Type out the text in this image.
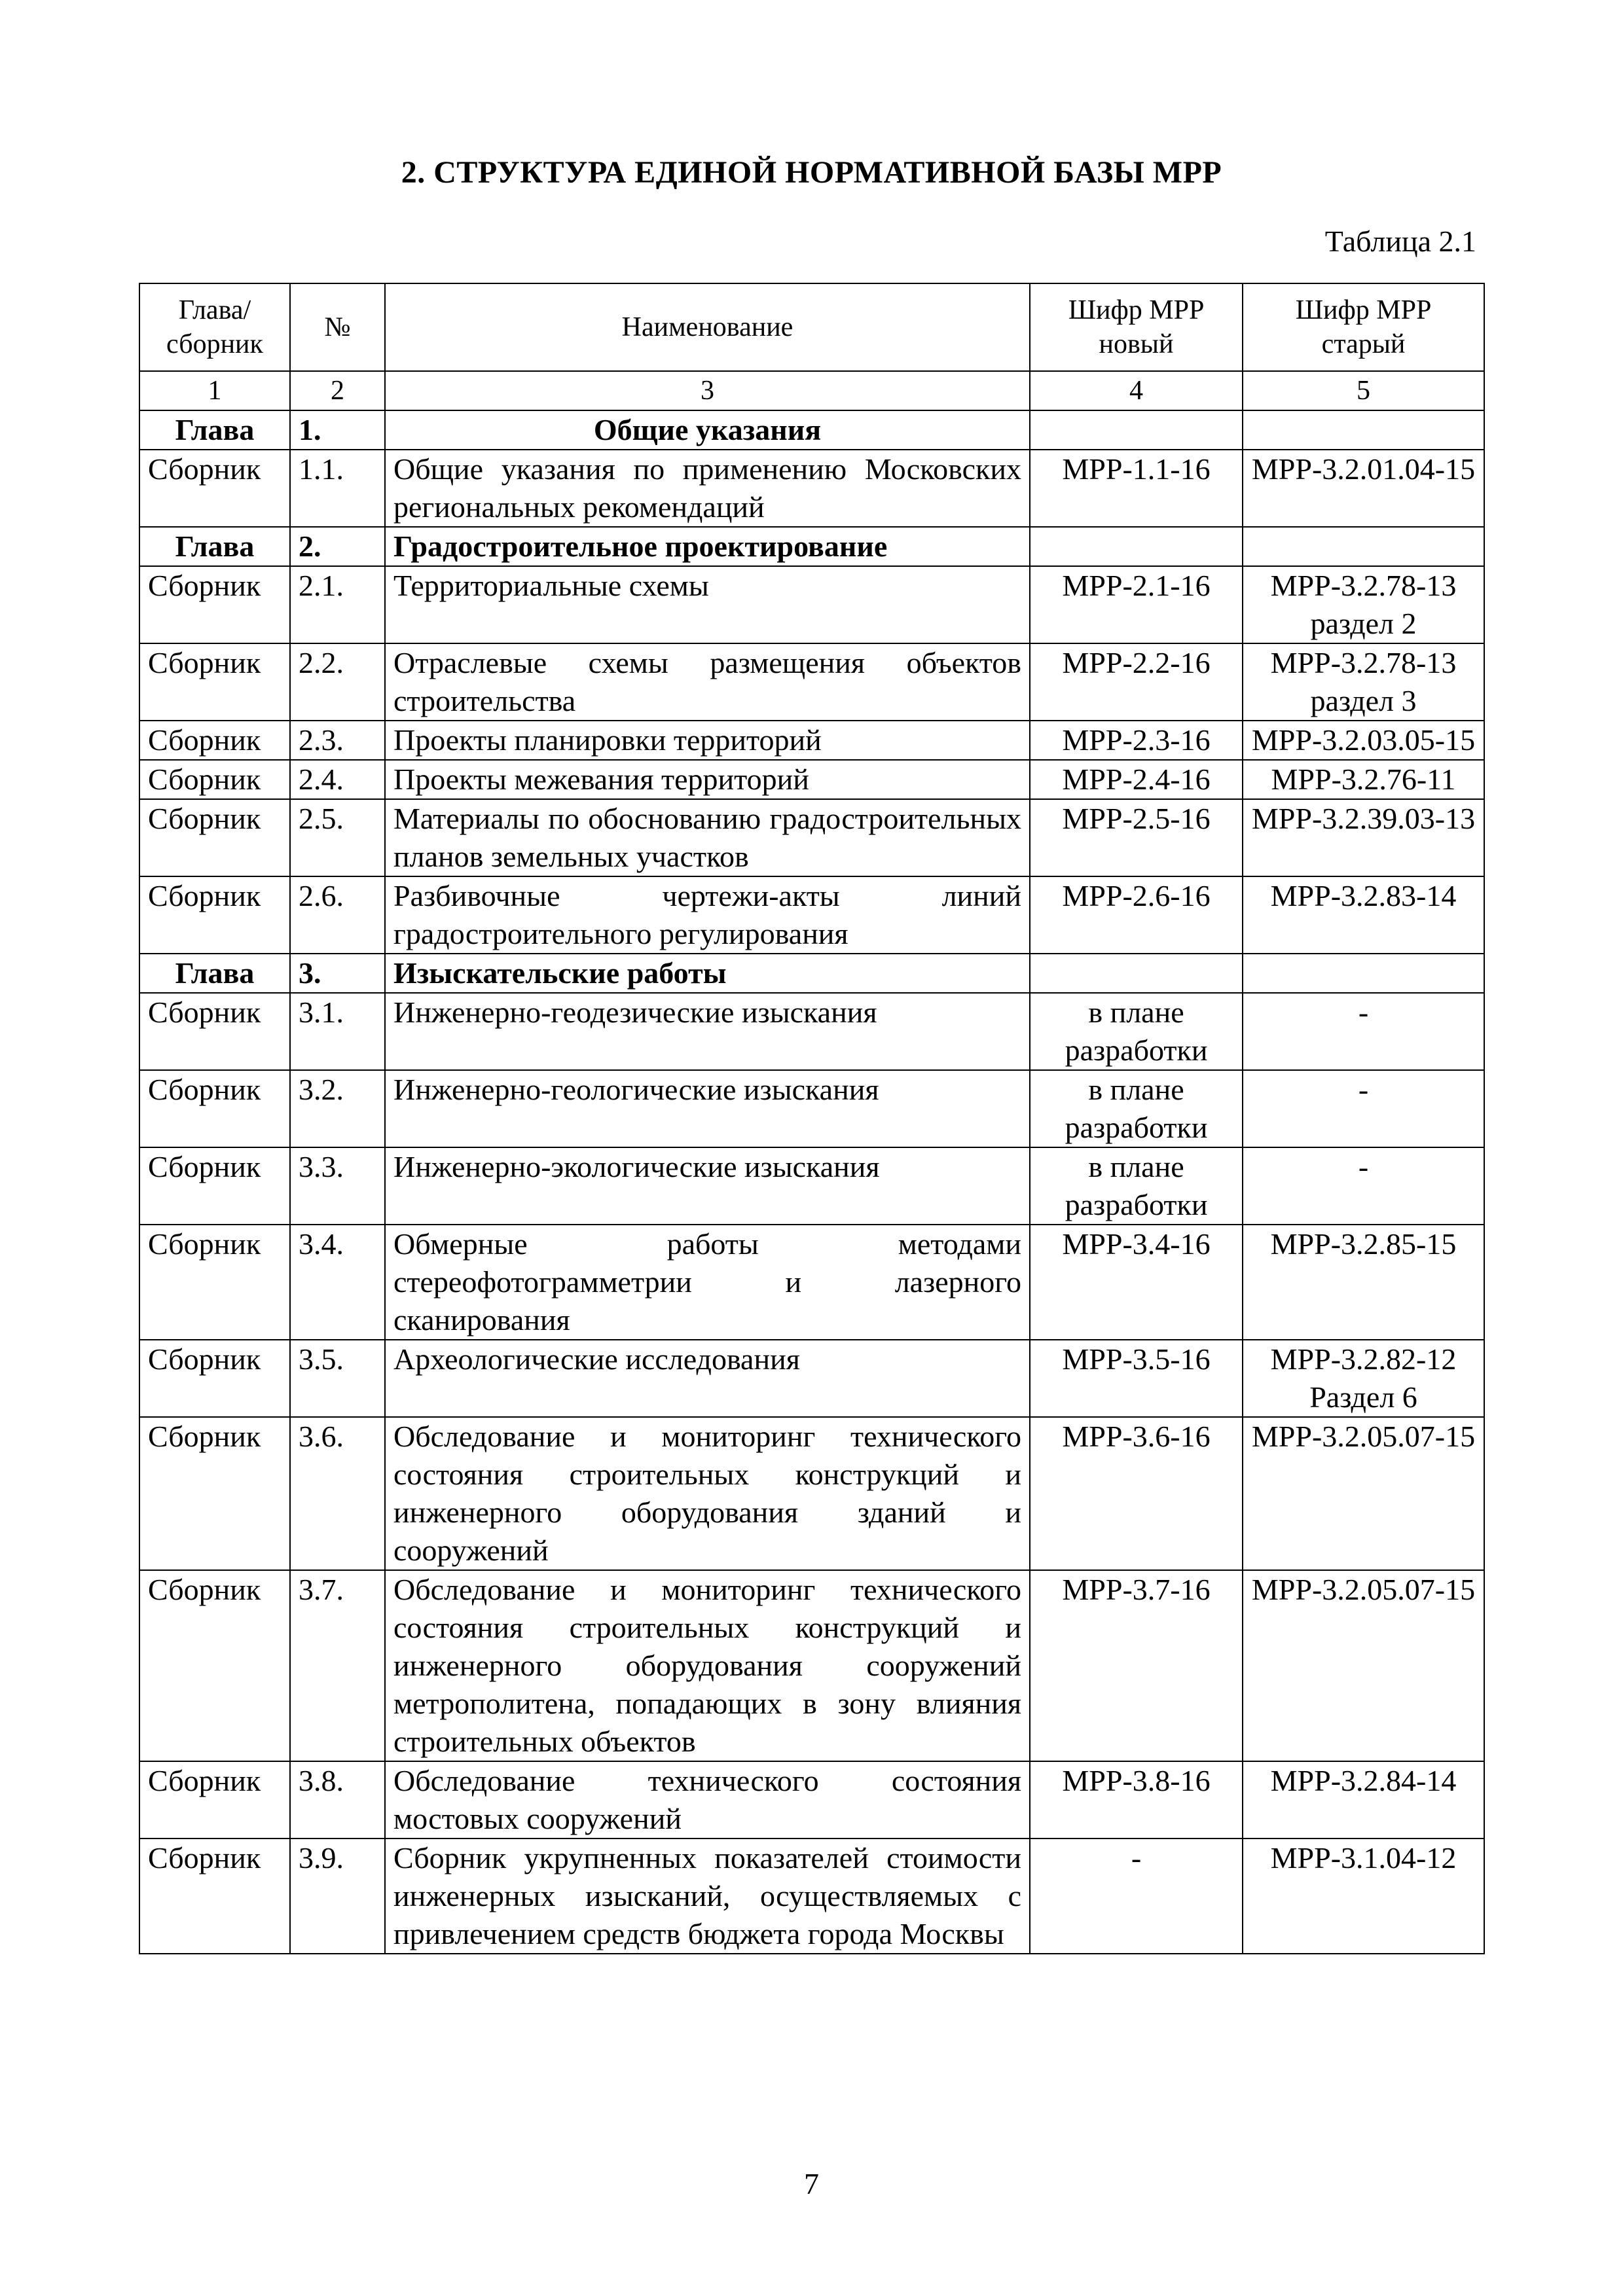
2. СТРУКТУРА ЕДИНОЙ НОРМАТИВНОЙ БАЗЫ МРР
Таблица 2.1
Глава/ сборник	№	Наименование	Шифр МРР новый	Шифр МРР старый
1	2	3	4	5
Глава	1.	Общие указания		
Сборник	1.1.	Общие указания по применению Московских региональных рекомендаций	МРР-1.1-16	МРР-3.2.01.04-15
Глава	2.	Градостроительное проектирование		
Сборник	2.1.	Территориальные схемы	МРР-2.1-16	МРР-3.2.78-13 раздел 2
Сборник	2.2.	Отраслевые схемы размещения объектов строительства	МРР-2.2-16	МРР-3.2.78-13 раздел 3
Сборник	2.3.	Проекты планировки территорий	МРР-2.3-16	МРР-3.2.03.05-15
Сборник	2.4.	Проекты межевания территорий	МРР-2.4-16	МРР-3.2.76-11
Сборник	2.5.	Материалы по обоснованию градостроительных планов земельных участков	МРР-2.5-16	МРР-3.2.39.03-13
Сборник	2.6.	Разбивочные чертежи-акты линий градостроительного регулирования	МРР-2.6-16	МРР-3.2.83-14
Глава	3.	Изыскательские работы		
Сборник	3.1.	Инженерно-геодезические изыскания	в плане разработки	-
Сборник	3.2.	Инженерно-геологические изыскания	в плане разработки	-
Сборник	3.3.	Инженерно-экологические изыскания	в плане разработки	-
Сборник	3.4.	Обмерные работы методами стереофотограмметрии и лазерного сканирования	МРР-3.4-16	МРР-3.2.85-15
Сборник	3.5.	Археологические исследования	МРР-3.5-16	МРР-3.2.82-12 Раздел 6
Сборник	3.6.	Обследование и мониторинг технического состояния строительных конструкций и инженерного оборудования зданий и сооружений	МРР-3.6-16	МРР-3.2.05.07-15
Сборник	3.7.	Обследование и мониторинг технического состояния строительных конструкций и инженерного оборудования сооружений метрополитена, попадающих в зону влияния строительных объектов	МРР-3.7-16	МРР-3.2.05.07-15
Сборник	3.8.	Обследование технического состояния мостовых сооружений	МРР-3.8-16	МРР-3.2.84-14
Сборник	3.9.	Сборник укрупненных показателей стоимости инженерных изысканий, осуществляемых с привлечением средств бюджета города Москвы	-	МРР-3.1.04-12
7
